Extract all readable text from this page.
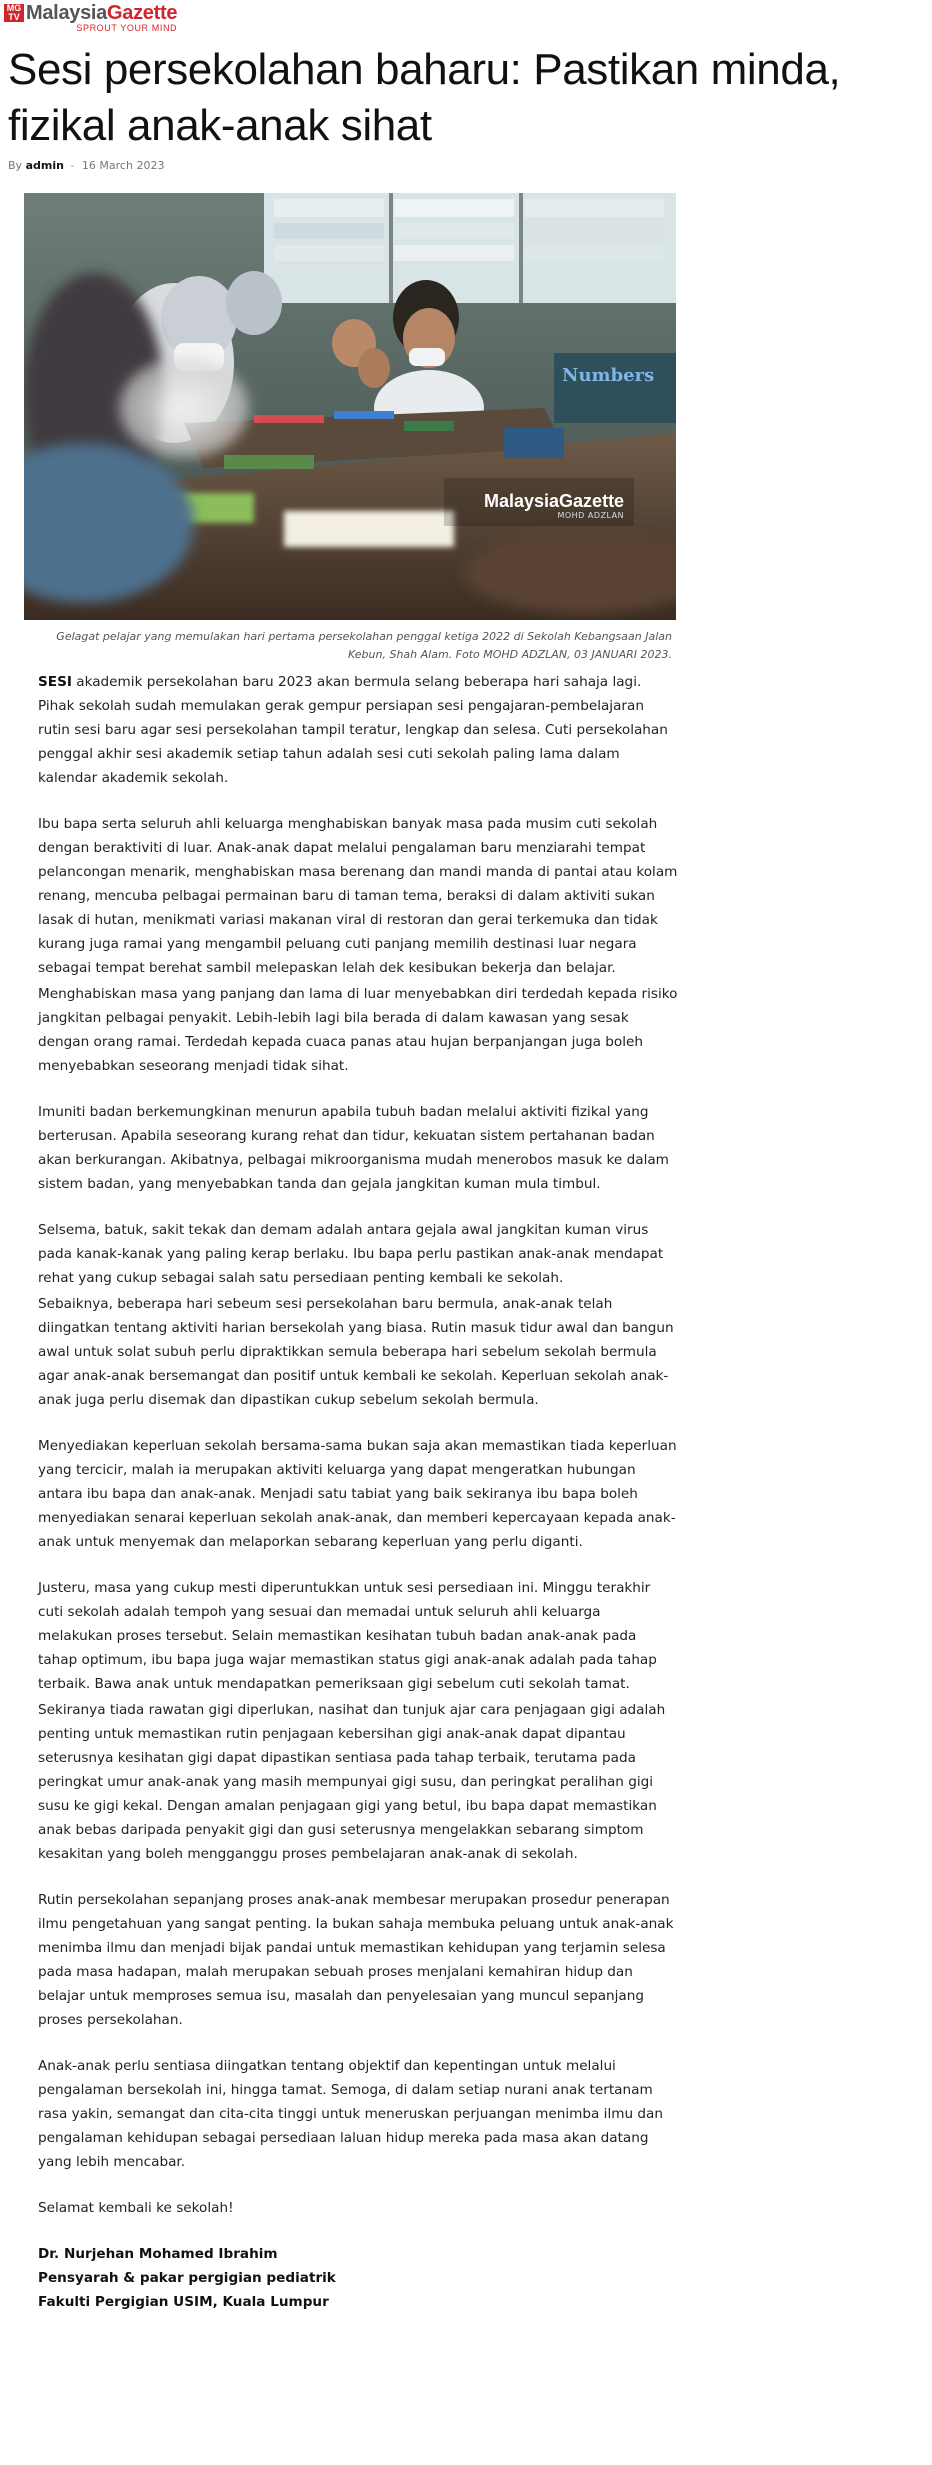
MG
TV MalaysiaGazette
SPROUT YOUR MIND
Sesi persekolahan baharu: Pastikan minda, fizikal anak-anak sihat
By admin - 16 March 2023
Numbers
MalaysiaGazette
MOHD ADZLAN

Gelagat pelajar yang memulakan hari pertama persekolahan penggal ketiga 2022 di Sekolah Kebangsaan Jalan Kebun, Shah Alam. Foto MOHD ADZLAN, 03 JANUARI 2023.

SESI akademik persekolahan baru 2023 akan bermula selang beberapa hari sahaja lagi. Pihak sekolah sudah memulakan gerak gempur persiapan sesi pengajaran-pembelajaran rutin sesi baru agar sesi persekolahan tampil teratur, lengkap dan selesa. Cuti persekolahan penggal akhir sesi akademik setiap tahun adalah sesi cuti sekolah paling lama dalam kalendar akademik sekolah.

Ibu bapa serta seluruh ahli keluarga menghabiskan banyak masa pada musim cuti sekolah dengan beraktiviti di luar. Anak-anak dapat melalui pengalaman baru menziarahi tempat pelancongan menarik, menghabiskan masa berenang dan mandi manda di pantai atau kolam renang, mencuba pelbagai permainan baru di taman tema, beraksi di dalam aktiviti sukan lasak di hutan, menikmati variasi makanan viral di restoran dan gerai terkemuka dan tidak kurang juga ramai yang mengambil peluang cuti panjang memilih destinasi luar negara sebagai tempat berehat sambil melepaskan lelah dek kesibukan bekerja dan belajar.

Menghabiskan masa yang panjang dan lama di luar menyebabkan diri terdedah kepada risiko jangkitan pelbagai penyakit. Lebih-lebih lagi bila berada di dalam kawasan yang sesak dengan orang ramai. Terdedah kepada cuaca panas atau hujan berpanjangan juga boleh menyebabkan seseorang menjadi tidak sihat.

Imuniti badan berkemungkinan menurun apabila tubuh badan melalui aktiviti fizikal yang berterusan. Apabila seseorang kurang rehat dan tidur, kekuatan sistem pertahanan badan akan berkurangan. Akibatnya, pelbagai mikroorganisma mudah menerobos masuk ke dalam sistem badan, yang menyebabkan tanda dan gejala jangkitan kuman mula timbul.

Selsema, batuk, sakit tekak dan demam adalah antara gejala awal jangkitan kuman virus pada kanak-kanak yang paling kerap berlaku. Ibu bapa perlu pastikan anak-anak mendapat rehat yang cukup sebagai salah satu persediaan penting kembali ke sekolah.

Sebaiknya, beberapa hari sebeum sesi persekolahan baru bermula, anak-anak telah diingatkan tentang aktiviti harian bersekolah yang biasa. Rutin masuk tidur awal dan bangun awal untuk solat subuh perlu dipraktikkan semula beberapa hari sebelum sekolah bermula agar anak-anak bersemangat dan positif untuk kembali ke sekolah. Keperluan sekolah anak-anak juga perlu disemak dan dipastikan cukup sebelum sekolah bermula.

Menyediakan keperluan sekolah bersama-sama bukan saja akan memastikan tiada keperluan yang tercicir, malah ia merupakan aktiviti keluarga yang dapat mengeratkan hubungan antara ibu bapa dan anak-anak. Menjadi satu tabiat yang baik sekiranya ibu bapa boleh menyediakan senarai keperluan sekolah anak-anak, dan memberi kepercayaan kepada anak-anak untuk menyemak dan melaporkan sebarang keperluan yang perlu diganti.

Justeru, masa yang cukup mesti diperuntukkan untuk sesi persediaan ini. Minggu terakhir cuti sekolah adalah tempoh yang sesuai dan memadai untuk seluruh ahli keluarga melakukan proses tersebut. Selain memastikan kesihatan tubuh badan anak-anak pada tahap optimum, ibu bapa juga wajar memastikan status gigi anak-anak adalah pada tahap terbaik. Bawa anak untuk mendapatkan pemeriksaan gigi sebelum cuti sekolah tamat.

Sekiranya tiada rawatan gigi diperlukan, nasihat dan tunjuk ajar cara penjagaan gigi adalah penting untuk memastikan rutin penjagaan kebersihan gigi anak-anak dapat dipantau seterusnya kesihatan gigi dapat dipastikan sentiasa pada tahap terbaik, terutama pada peringkat umur anak-anak yang masih mempunyai gigi susu, dan peringkat peralihan gigi susu ke gigi kekal. Dengan amalan penjagaan gigi yang betul, ibu bapa dapat memastikan anak bebas daripada penyakit gigi dan gusi seterusnya mengelakkan sebarang simptom kesakitan yang boleh mengganggu proses pembelajaran anak-anak di sekolah.

Rutin persekolahan sepanjang proses anak-anak membesar merupakan prosedur penerapan ilmu pengetahuan yang sangat penting. Ia bukan sahaja membuka peluang untuk anak-anak menimba ilmu dan menjadi bijak pandai untuk memastikan kehidupan yang terjamin selesa pada masa hadapan, malah merupakan sebuah proses menjalani kemahiran hidup dan belajar untuk memproses semua isu, masalah dan penyelesaian yang muncul sepanjang proses persekolahan.

Anak-anak perlu sentiasa diingatkan tentang objektif dan kepentingan untuk melalui pengalaman bersekolah ini, hingga tamat. Semoga, di dalam setiap nurani anak tertanam rasa yakin, semangat dan cita-cita tinggi untuk meneruskan perjuangan menimba ilmu dan pengalaman kehidupan sebagai persediaan laluan hidup mereka pada masa akan datang yang lebih mencabar.

Selamat kembali ke sekolah!

Dr. Nurjehan Mohamed Ibrahim

Pensyarah & pakar pergigian pediatrik

Fakulti Pergigian USIM, Kuala Lumpur
